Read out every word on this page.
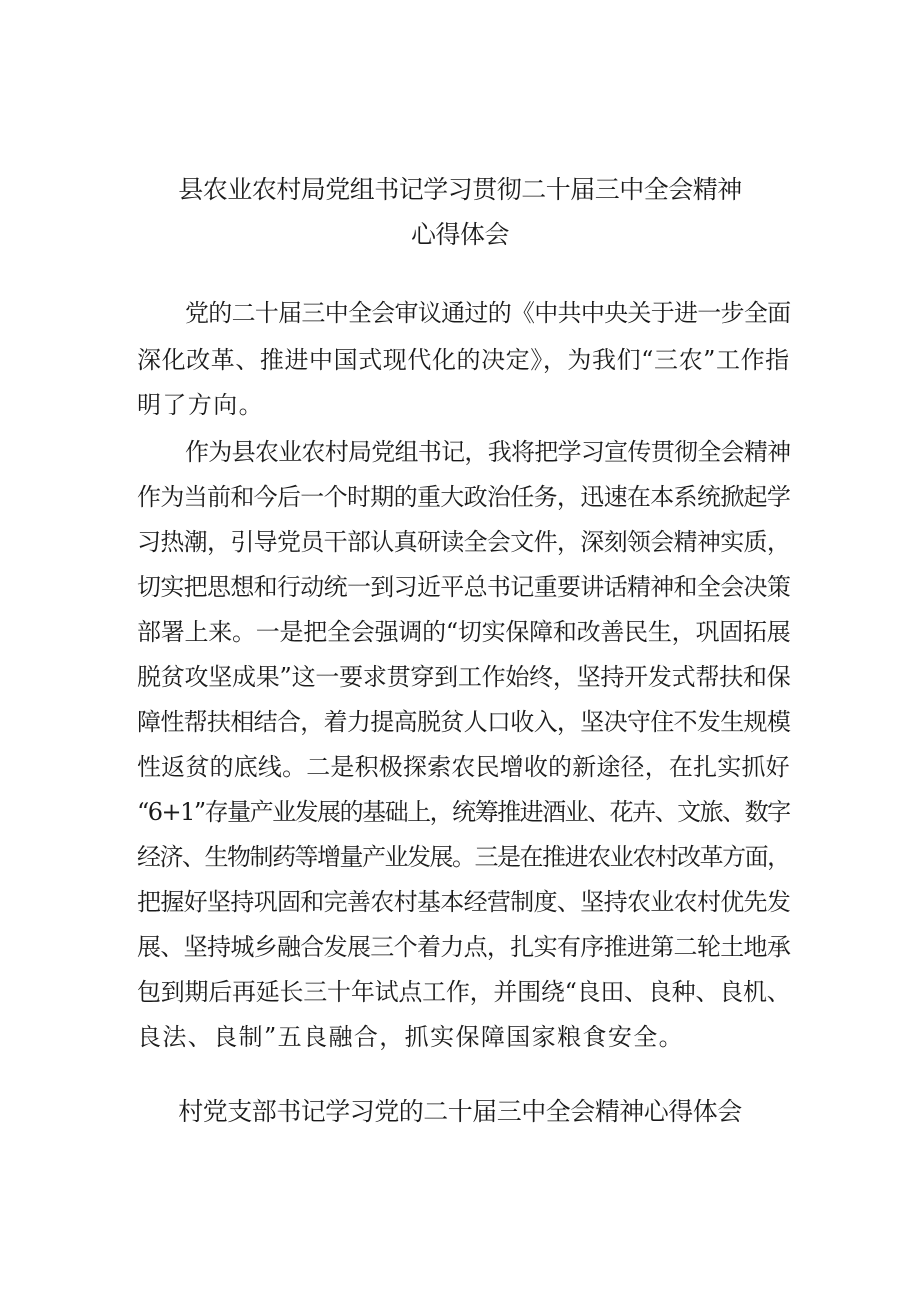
县农业农村局党组书记学习贯彻二十届三中全会精神
心得体会
党的二十届三中全会审议通过的《中共中央关于进一步全面
深化改革、推进中国式现代化的决定》，为我们“三农”工作指
明了方向。
作为县农业农村局党组书记，我将把学习宣传贯彻全会精神
作为当前和今后一个时期的重大政治任务，迅速在本系统掀起学
习热潮，引导党员干部认真研读全会文件，深刻领会精神实质，
切实把思想和行动统一到习近平总书记重要讲话精神和全会决策
部署上来。一是把全会强调的“切实保障和改善民生，巩固拓展
脱贫攻坚成果”这一要求贯穿到工作始终，坚持开发式帮扶和保
障性帮扶相结合，着力提高脱贫人口收入，坚决守住不发生规模
性返贫的底线。二是积极探索农民增收的新途径，在扎实抓好
“6+1”存量产业发展的基础上，统筹推进酒业、花卉、文旅、数字
经济、生物制药等增量产业发展。三是在推进农业农村改革方面，
把握好坚持巩固和完善农村基本经营制度、坚持农业农村优先发
展、坚持城乡融合发展三个着力点，扎实有序推进第二轮土地承
包到期后再延长三十年试点工作，并围绕“良田、良种、良机、
良法、良制”五良融合，抓实保障国家粮食安全。
村党支部书记学习党的二十届三中全会精神心得体会
